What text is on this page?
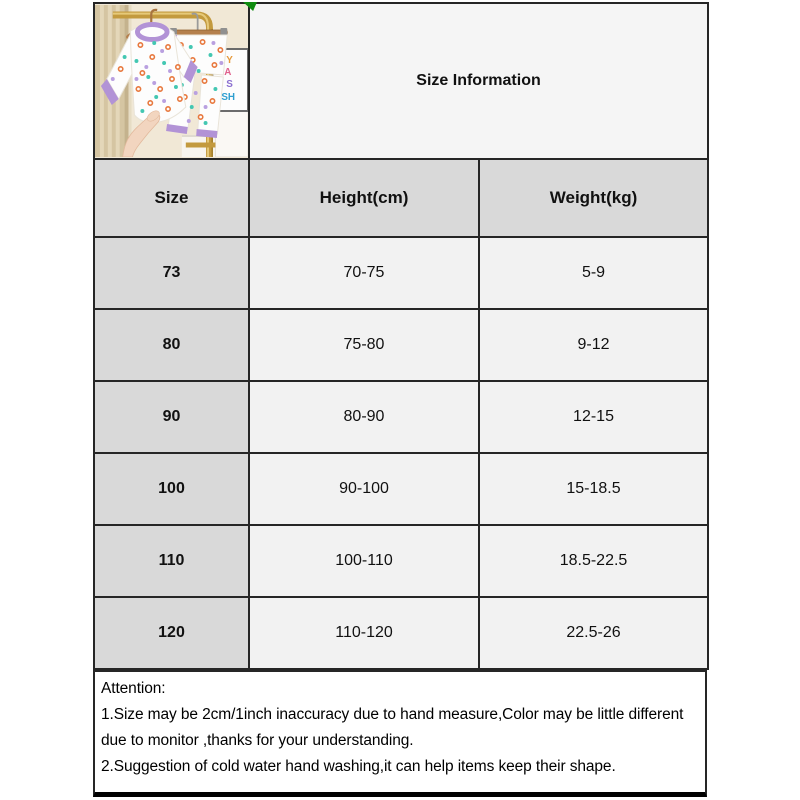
Y
A
S
SH	Size Information	
Size	Height(cm)	Weight(kg)
73	70-75	5-9
80	75-80	9-12
90	80-90	12-15
100	90-100	15-18.5
110	100-110	18.5-22.5
120	110-120	22.5-26

Attention:

1.Size may be 2cm/1inch inaccuracy due to hand measure,Color may be little different due to monitor ,thanks for your understanding.

2.Suggestion of cold water hand washing,it can help items keep their shape.
